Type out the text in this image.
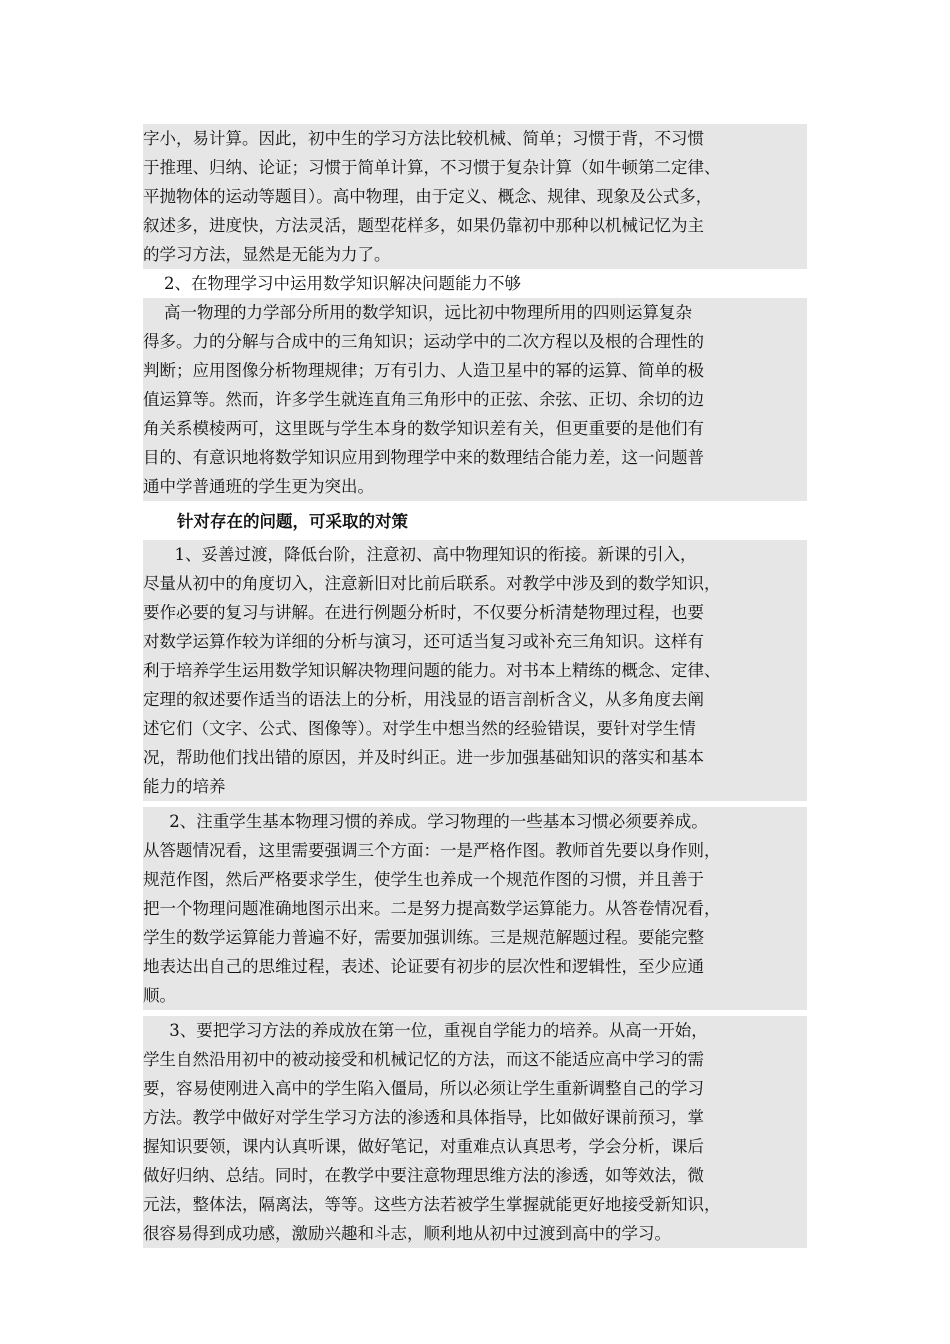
字小，易计算。因此，初中生的学习方法比较机械、简单；习惯于背，不习惯
于推理、归纳、论证；习惯于简单计算，不习惯于复杂计算（如牛顿第二定律、
平抛物体的运动等题目）。高中物理，由于定义、概念、规律、现象及公式多，
叙述多，进度快，方法灵活，题型花样多，如果仍靠初中那种以机械记忆为主
的学习方法，显然是无能为力了。
2、在物理学习中运用数学知识解决问题能力不够
高一物理的力学部分所用的数学知识，远比初中物理所用的四则运算复杂
得多。力的分解与合成中的三角知识；运动学中的二次方程以及根的合理性的
判断；应用图像分析物理规律；万有引力、人造卫星中的幂的运算、简单的极
值运算等。然而，许多学生就连直角三角形中的正弦、余弦、正切、余切的边
角关系模棱两可，这里既与学生本身的数学知识差有关，但更重要的是他们有
目的、有意识地将数学知识应用到物理学中来的数理结合能力差，这一问题普
通中学普通班的学生更为突出。
针对存在的问题，可采取的对策
1、妥善过渡，降低台阶，注意初、高中物理知识的衔接。新课的引入，
尽量从初中的角度切入，注意新旧对比前后联系。对教学中涉及到的数学知识，
要作必要的复习与讲解。在进行例题分析时，不仅要分析清楚物理过程，也要
对数学运算作较为详细的分析与演习，还可适当复习或补充三角知识。这样有
利于培养学生运用数学知识解决物理问题的能力。对书本上精练的概念、定律、
定理的叙述要作适当的语法上的分析，用浅显的语言剖析含义，从多角度去阐
述它们（文字、公式、图像等）。对学生中想当然的经验错误，要针对学生情
况，帮助他们找出错的原因，并及时纠正。进一步加强基础知识的落实和基本
能力的培养
2、注重学生基本物理习惯的养成。学习物理的一些基本习惯必须要养成。
从答题情况看，这里需要强调三个方面：一是严格作图。教师首先要以身作则，
规范作图，然后严格要求学生，使学生也养成一个规范作图的习惯，并且善于
把一个物理问题准确地图示出来。二是努力提高数学运算能力。从答卷情况看，
学生的数学运算能力普遍不好，需要加强训练。三是规范解题过程。要能完整
地表达出自己的思维过程，表述、论证要有初步的层次性和逻辑性，至少应通
顺。
3、要把学习方法的养成放在第一位，重视自学能力的培养。从高一开始，
学生自然沿用初中的被动接受和机械记忆的方法，而这不能适应高中学习的需
要，容易使刚进入高中的学生陷入僵局，所以必须让学生重新调整自己的学习
方法。教学中做好对学生学习方法的渗透和具体指导，比如做好课前预习，掌
握知识要领，课内认真听课，做好笔记，对重难点认真思考，学会分析，课后
做好归纳、总结。同时，在教学中要注意物理思维方法的渗透，如等效法，微
元法，整体法，隔离法，等等。这些方法若被学生掌握就能更好地接受新知识，
很容易得到成功感，激励兴趣和斗志，顺利地从初中过渡到高中的学习。
